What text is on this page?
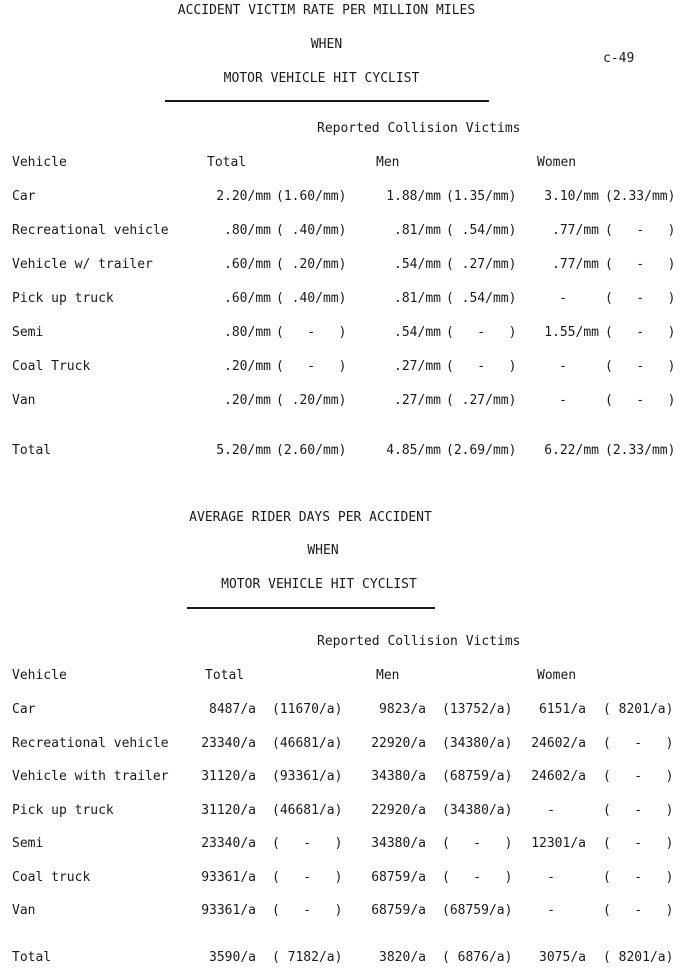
c-49
ACCIDENT VICTIM RATE PER MILLION MILES
WHEN
MOTOR VEHICLE HIT CYCLIST
Reported Collision Victims
Vehicle	Total	Men	Women
Car	2.20/mm (1.60/mm)	1.88/mm (1.35/mm)	3.10/mm (2.33/mm)
Recreational vehicle	.80/mm ( .40/mm)	.81/mm ( .54/mm)	.77/mm (   -   )
Vehicle w/ trailer	.60/mm ( .20/mm)	.54/mm ( .27/mm)	.77/mm (   -   )
Pick up truck	.60/mm ( .40/mm)	.81/mm ( .54/mm)	-	(   -   )
Semi	.80/mm (   -   )	.54/mm (   -   )	1.55/mm (   -   )
Coal Truck	.20/mm (   -   )	.27/mm (   -   )	-	(   -   )
Van	.20/mm ( .20/mm)	.27/mm ( .27/mm)	-	(   -   )
Total	5.20/mm (2.60/mm)	4.85/mm (2.69/mm)	6.22/mm (2.33/mm)
AVERAGE RIDER DAYS PER ACCIDENT
WHEN
MOTOR VEHICLE HIT CYCLIST
Reported Collision Victims
Vehicle	Total	Men	Women
Car	8487/a (11670/a)	9823/a (13752/a)	6151/a ( 8201/a)
Recreational vehicle	23340/a (46681/a)	22920/a (34380/a)	24602/a (   -   )
Vehicle with trailer	31120/a (93361/a)	34380/a (68759/a)	24602/a (   -   )
Pick up truck	31120/a (46681/a)	22920/a (34380/a)	-	(   -   )
Semi	23340/a (   -   )	34380/a (   -   )	12301/a (   -   )
Coal truck	93361/a (   -   )	68759/a (   -   )	-	(   -   )
Van	93361/a (   -   )	68759/a (68759/a)	-	(   -   )
Total	3590/a ( 7182/a)	3820/a ( 6876/a)	3075/a ( 8201/a)
